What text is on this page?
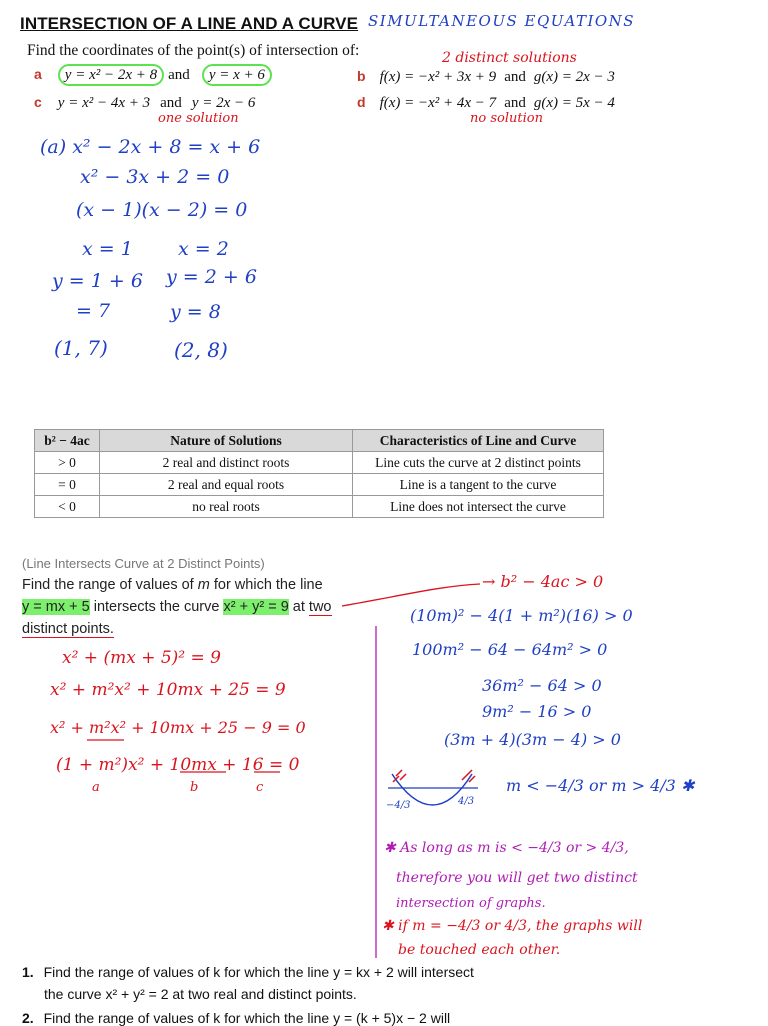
INTERSECTION OF A LINE AND A CURVE SIMULTANEOUS EQUATIONS
Find the coordinates of the point(s) of intersection of:
a y = x² − 2x + 8 and y = x + 6
2 distinct solutions
b f(x) = −x² + 3x + 9 and g(x) = 2x − 3
c y = x² − 4x + 3 and y = 2x − 6
one solution
d f(x) = −x² + 4x − 7 and g(x) = 5x − 4
no solution
(a) x² − 2x + 8 = x + 6
x² − 3x + 2 = 0
(x − 1)(x − 2) = 0
x = 1 x = 2
y = 1 + 6 y = 2 + 6
= 7	y = 8
(1, 7)	(2, 8)
b² − 4ac	Nature of Solutions	Characteristics of Line and Curve
> 0	2 real and distinct roots	Line cuts the curve at 2 distinct points
= 0	2 real and equal roots	Line is a tangent to the curve
< 0	no real roots	Line does not intersect the curve
(Line Intersects Curve at 2 Distinct Points)
Find the range of values of m for which the line
y = mx + 5 intersects the curve x² + y² = 9 at two
distinct points.
x² + (mx + 5)² = 9
x² + m²x² + 10mx + 25 = 9
x² + m²x² + 10mx + 25 − 9 = 0
(1 + m²)x² + 10mx + 16 = 0
a	b	c
→ b² − 4ac > 0
(10m)² − 4(1 + m²)(16) > 0
100m² − 64 − 64m² > 0
36m² − 64 > 0
9m² − 16 > 0
(3m + 4)(3m − 4) > 0
−4/3	4/3
m < −4/3 or m > 4/3 ✱
✱ As long as m is < −4/3 or > 4/3,
therefore you will get two distinct
intersection of graphs.
✱ if m = −4/3 or 4/3, the graphs will
be touched each other.
1. Find the range of values of k for which the line y = kx + 2 will intersect
the curve x² + y² = 2 at two real and distinct points.
2. Find the range of values of k for which the line y = (k + 5)x − 2 will
